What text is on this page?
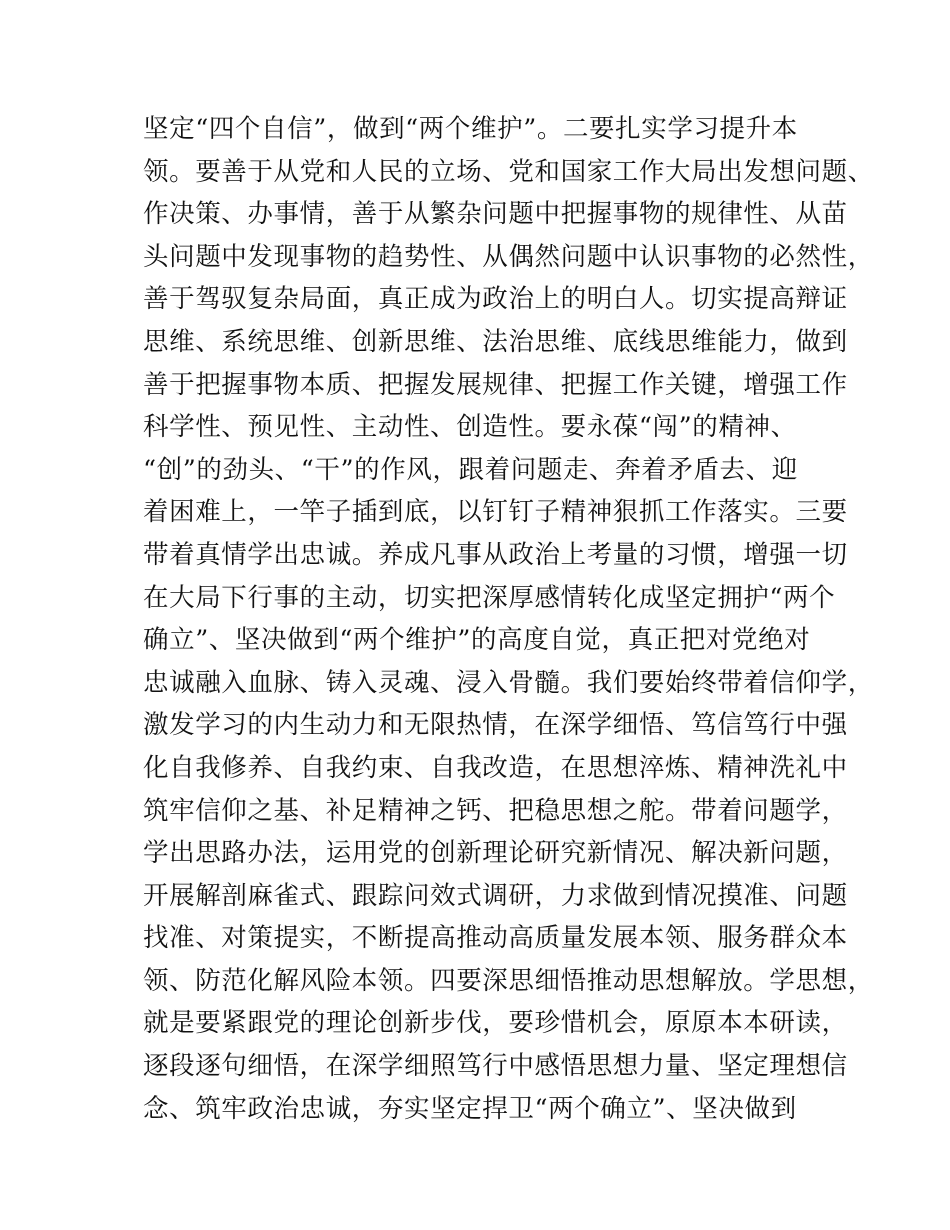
坚定“四个自信”，做到“两个维护”。二要扎实学习提升本
领。要善于从党和人民的立场、党和国家工作大局出发想问题、
作决策、办事情，善于从繁杂问题中把握事物的规律性、从苗
头问题中发现事物的趋势性、从偶然问题中认识事物的必然性，
善于驾驭复杂局面，真正成为政治上的明白人。切实提高辩证
思维、系统思维、创新思维、法治思维、底线思维能力，做到
善于把握事物本质、把握发展规律、把握工作关键，增强工作
科学性、预见性、主动性、创造性。要永葆“闯”的精神、
“创”的劲头、“干”的作风，跟着问题走、奔着矛盾去、迎
着困难上，一竿子插到底，以钉钉子精神狠抓工作落实。三要
带着真情学出忠诚。养成凡事从政治上考量的习惯，增强一切
在大局下行事的主动，切实把深厚感情转化成坚定拥护“两个
确立”、坚决做到“两个维护”的高度自觉，真正把对党绝对
忠诚融入血脉、铸入灵魂、浸入骨髓。我们要始终带着信仰学，
激发学习的内生动力和无限热情，在深学细悟、笃信笃行中强
化自我修养、自我约束、自我改造，在思想淬炼、精神洗礼中
筑牢信仰之基、补足精神之钙、把稳思想之舵。带着问题学，
学出思路办法，运用党的创新理论研究新情况、解决新问题，
开展解剖麻雀式、跟踪问效式调研，力求做到情况摸准、问题
找准、对策提实，不断提高推动高质量发展本领、服务群众本
领、防范化解风险本领。四要深思细悟推动思想解放。学思想，
就是要紧跟党的理论创新步伐，要珍惜机会，原原本本研读，
逐段逐句细悟，在深学细照笃行中感悟思想力量、坚定理想信
念、筑牢政治忠诚，夯实坚定捍卫“两个确立”、坚决做到
